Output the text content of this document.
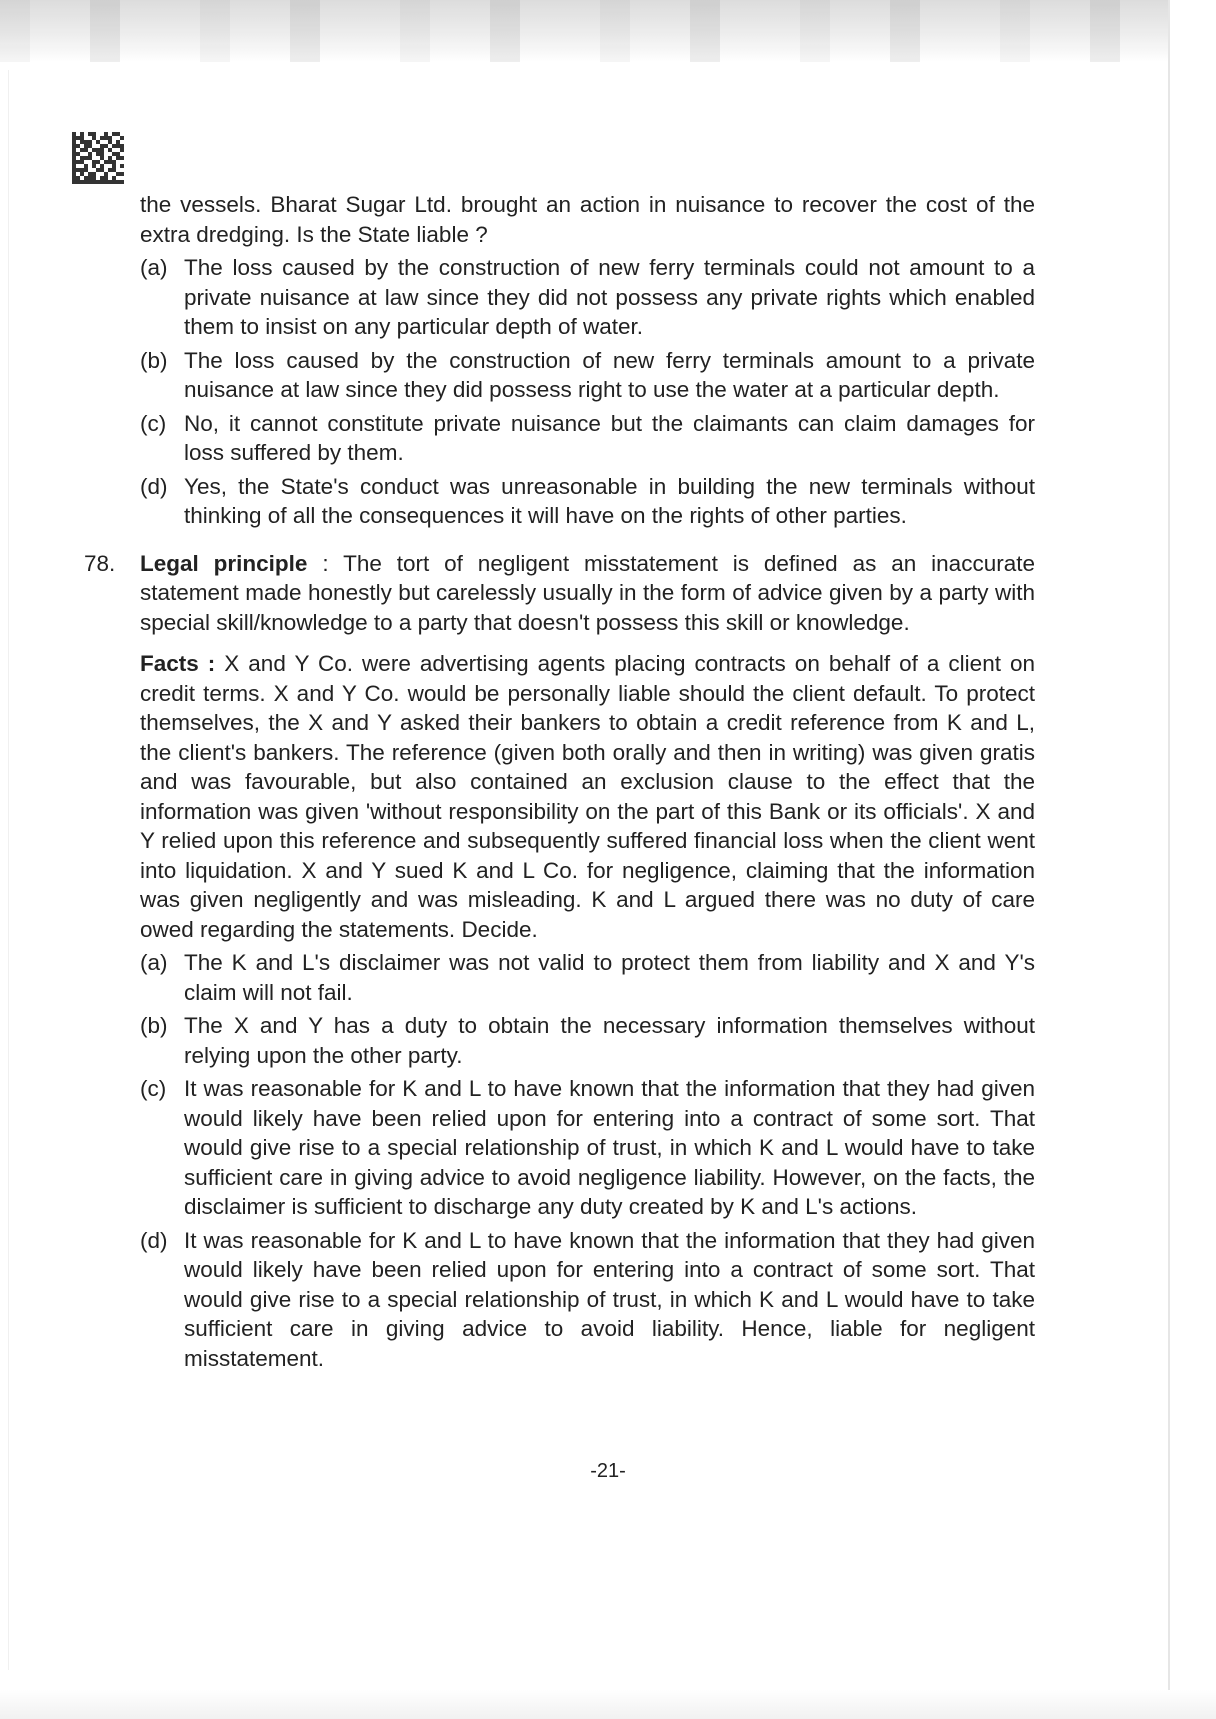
the vessels. Bharat Sugar Ltd. brought an action in nuisance to recover the cost of the extra dredging. Is the State liable ?

(a) The loss caused by the construction of new ferry terminals could not amount to a private nuisance at law since they did not possess any private rights which enabled them to insist on any particular depth of water.
(b) The loss caused by the construction of new ferry terminals amount to a private nuisance at law since they did possess right to use the water at a particular depth.
(c) No, it cannot constitute private nuisance but the claimants can claim damages for loss suffered by them.
(d) Yes, the State's conduct was unreasonable in building the new terminals without thinking of all the consequences it will have on the rights of other parties.
78. Legal principle : The tort of negligent misstatement is defined as an inaccurate statement made honestly but carelessly usually in the form of advice given by a party with special skill/knowledge to a party that doesn't possess this skill or knowledge.

Facts : X and Y Co. were advertising agents placing contracts on behalf of a client on credit terms. X and Y Co. would be personally liable should the client default. To protect themselves, the X and Y asked their bankers to obtain a credit reference from K and L, the client's bankers. The reference (given both orally and then in writing) was given gratis and was favourable, but also contained an exclusion clause to the effect that the information was given 'without responsibility on the part of this Bank or its officials'. X and Y relied upon this reference and subsequently suffered financial loss when the client went into liquidation. X and Y sued K and L Co. for negligence, claiming that the information was given negligently and was misleading. K and L argued there was no duty of care owed regarding the statements. Decide.

(a) The K and L's disclaimer was not valid to protect them from liability and X and Y's claim will not fail.
(b) The X and Y has a duty to obtain the necessary information themselves without relying upon the other party.
(c) It was reasonable for K and L to have known that the information that they had given would likely have been relied upon for entering into a contract of some sort. That would give rise to a special relationship of trust, in which K and L would have to take sufficient care in giving advice to avoid negligence liability. However, on the facts, the disclaimer is sufficient to discharge any duty created by K and L's actions.
(d) It was reasonable for K and L to have known that the information that they had given would likely have been relied upon for entering into a contract of some sort. That would give rise to a special relationship of trust, in which K and L would have to take sufficient care in giving advice to avoid liability. Hence, liable for negligent misstatement.
-21-
